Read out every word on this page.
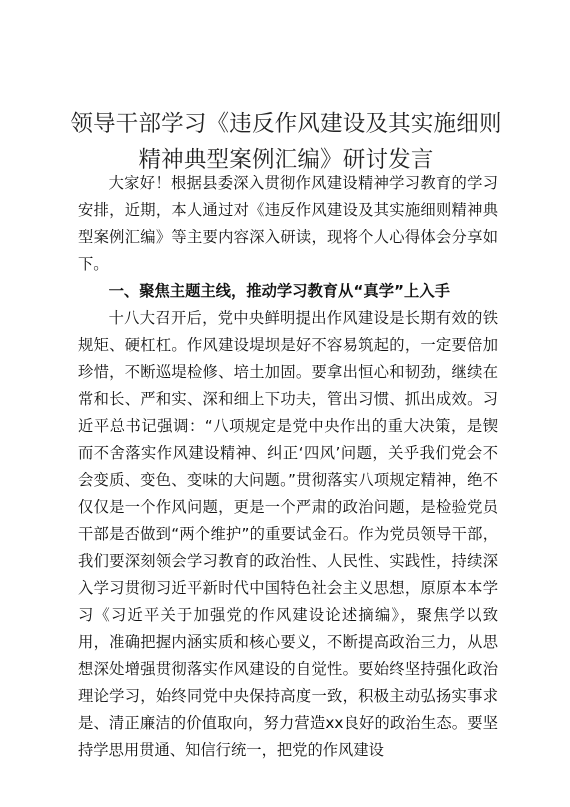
领导干部学习《违反作风建设及其实施细则精神典型案例汇编》研讨发言

大家好！根据县委深入贯彻作风建设精神学习教育的学习安排，近期，本人通过对《违反作风建设及其实施细则精神典型案例汇编》等主要内容深入研读，现将个人心得体会分享如下。

一、聚焦主题主线，推动学习教育从“真学”上入手

十八大召开后，党中央鲜明提出作风建设是长期有效的铁规矩、硬杠杠。作风建设堤坝是好不容易筑起的，一定要倍加珍惜，不断巡堤检修、培土加固。要拿出恒心和韧劲，继续在常和长、严和实、深和细上下功夫，管出习惯、抓出成效。习近平总书记强调：“八项规定是党中央作出的重大决策，是锲而不舍落实作风建设精神、纠正‘四风’问题，关乎我们党会不会变质、变色、变味的大问题。”贯彻落实八项规定精神，绝不仅仅是一个作风问题，更是一个严肃的政治问题，是检验党员干部是否做到“两个维护”的重要试金石。作为党员领导干部，我们要深刻领会学习教育的政治性、人民性、实践性，持续深入学习贯彻习近平新时代中国特色社会主义思想，原原本本学习《习近平关于加强党的作风建设论述摘编》，聚焦学以致用，准确把握内涵实质和核心要义，不断提高政治三力，从思想深处增强贯彻落实作风建设的自觉性。要始终坚持强化政治理论学习，始终同党中央保持高度一致，积极主动弘扬实事求是、清正廉洁的价值取向，努力营造xx良好的政治生态。要坚持学思用贯通、知信行统一，把党的作风建设
